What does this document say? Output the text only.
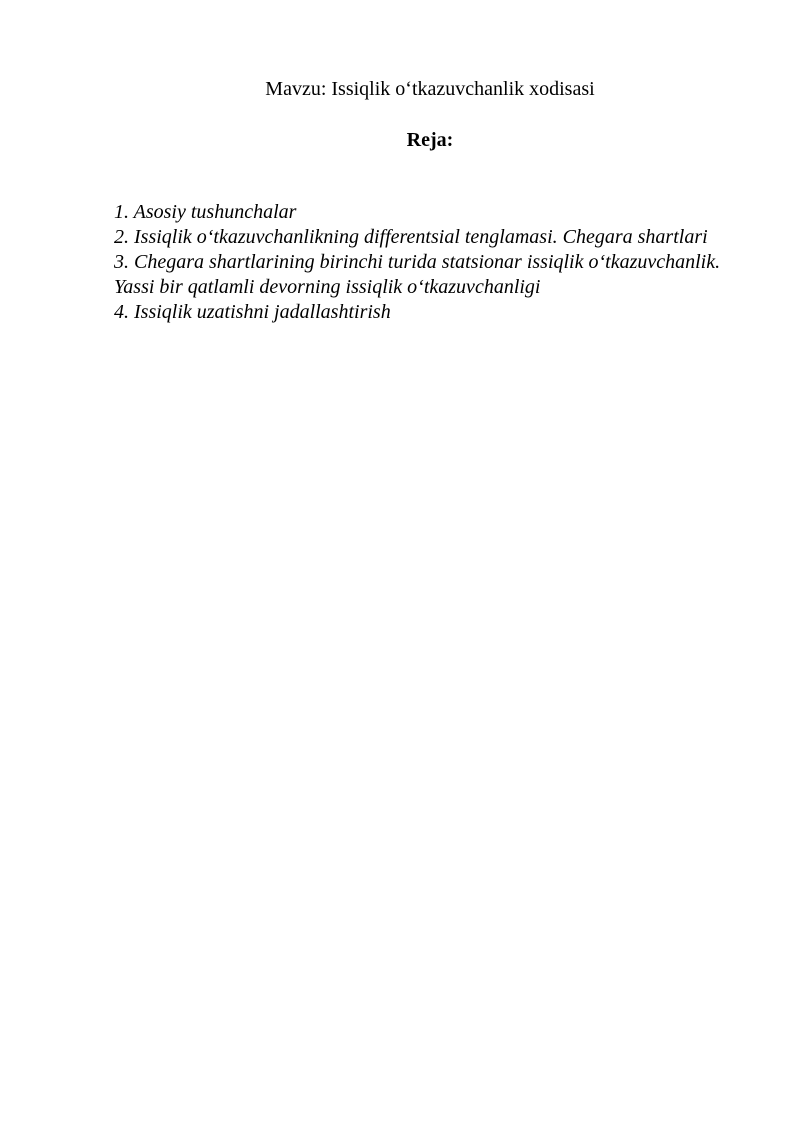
Mavzu: Issiqlik o‘tkazuvchanlik xodisasi
Reja:
1. Asosiy tushunchalar
2. Issiqlik o‘tkazuvchanlikning differentsial tenglamasi. Chegara shartlari
3. Chegara shartlarining birinchi turida statsionar issiqlik o‘tkazuvchanlik. Yassi bir qatlamli devorning issiqlik o‘tkazuvchanligi
4. Issiqlik uzatishni jadallashtirish
